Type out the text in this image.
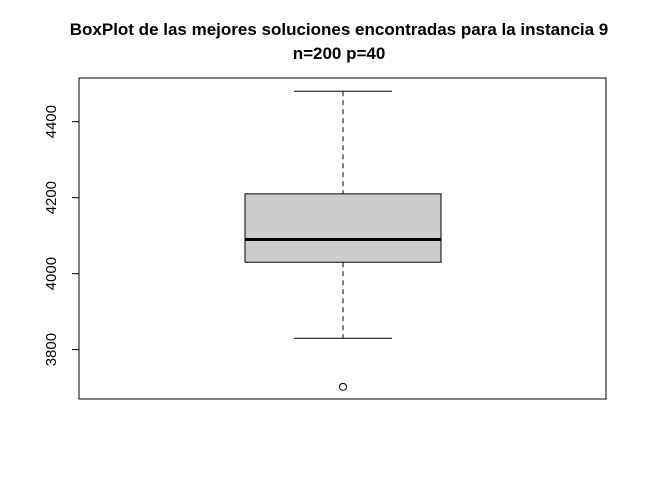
BoxPlot de las mejores soluciones encontradas para la instancia 9
n=200 p=40
3800
4000
4200
4400
